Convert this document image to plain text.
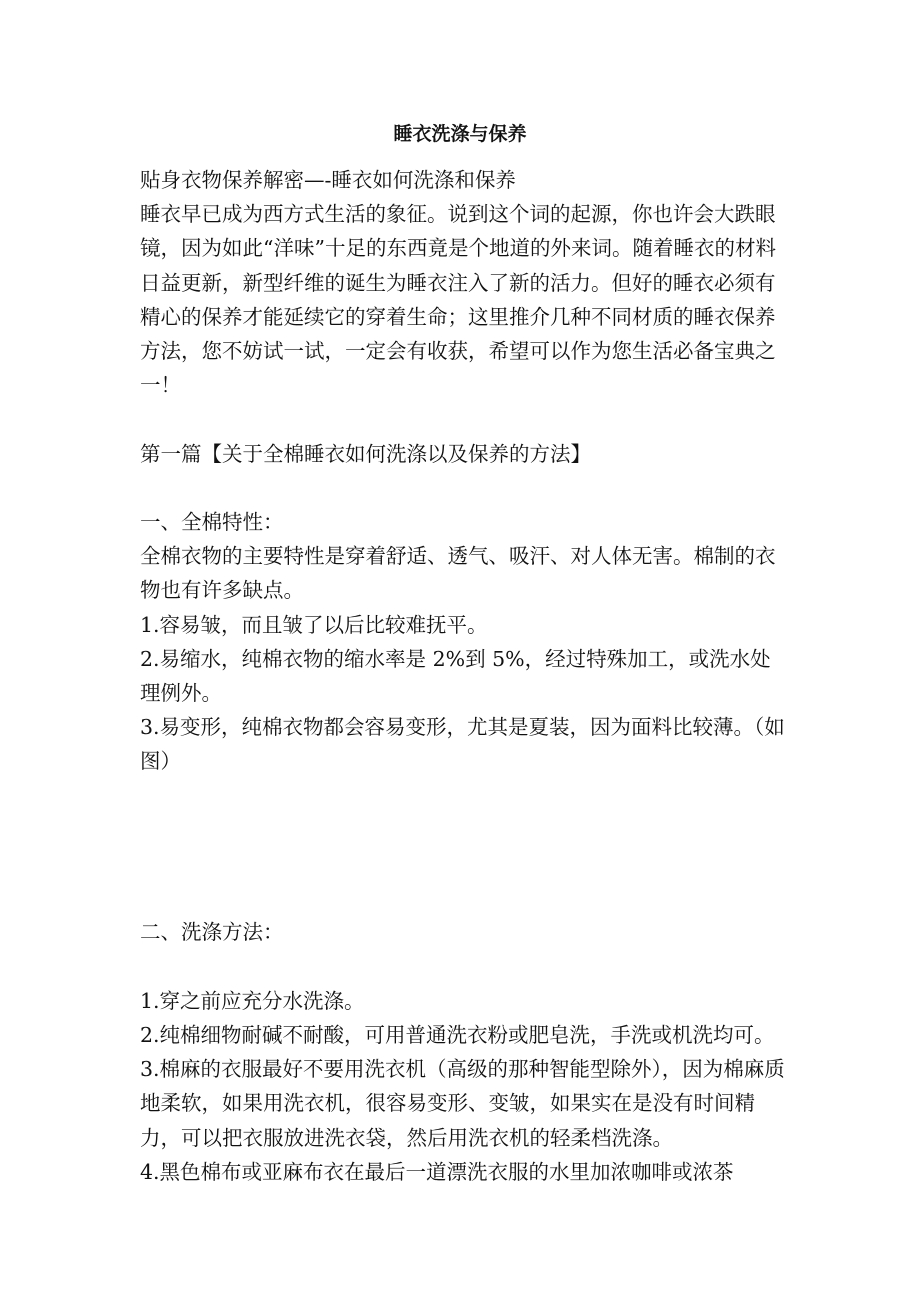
睡衣洗涤与保养

贴身衣物保养解密—-睡衣如何洗涤和保养

睡衣早已成为西方式生活的象征。说到这个词的起源，你也许会大跌眼镜，因为如此“洋味”十足的东西竟是个地道的外来词。随着睡衣的材料日益更新，新型纤维的诞生为睡衣注入了新的活力。但好的睡衣必须有精心的保养才能延续它的穿着生命；这里推介几种不同材质的睡衣保养方法，您不妨试一试，一定会有收获，希望可以作为您生活必备宝典之一！

第一篇【关于全棉睡衣如何洗涤以及保养的方法】

一、全棉特性：

全棉衣物的主要特性是穿着舒适、透气、吸汗、对人体无害。棉制的衣物也有许多缺点。

1.容易皱，而且皱了以后比较难抚平。

2.易缩水，纯棉衣物的缩水率是 2%到 5%，经过特殊加工，或洗水处理例外。

3.易变形，纯棉衣物都会容易变形，尤其是夏装，因为面料比较薄。（如图）

二、洗涤方法：

1.穿之前应充分水洗涤。

2.纯棉细物耐碱不耐酸，可用普通洗衣粉或肥皂洗，手洗或机洗均可。

3.棉麻的衣服最好不要用洗衣机（高级的那种智能型除外），因为棉麻质地柔软，如果用洗衣机，很容易变形、变皱，如果实在是没有时间精力，可以把衣服放进洗衣袋，然后用洗衣机的轻柔档洗涤。

4.黑色棉布或亚麻布衣在最后一道漂洗衣服的水里加浓咖啡或浓茶
